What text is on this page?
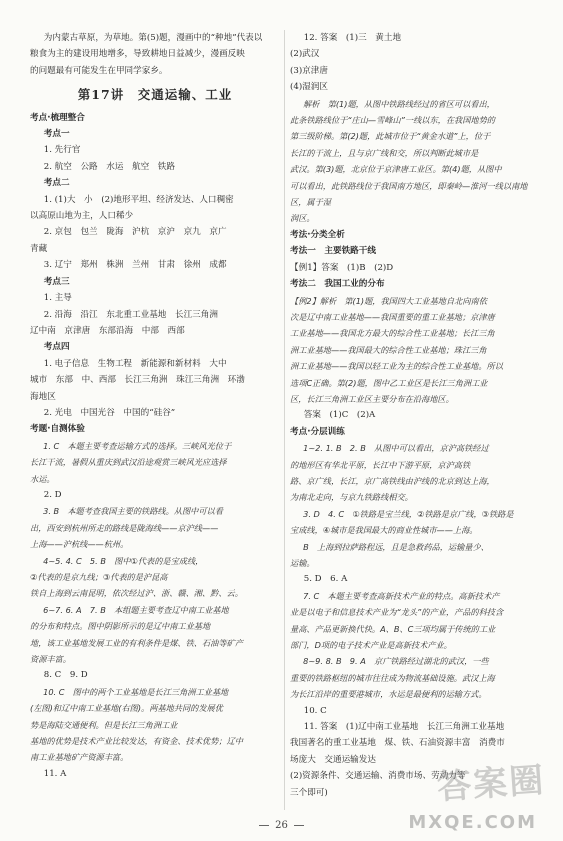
为内蒙古草原，为草地。第(5)题，漫画中的“种地”代表以

粮食为主的建设用地增多，导致耕地日益减少，漫画反映

的问题最有可能发生在甲同学家乡。

第17讲　交通运输、工业

考点·梳理整合

考点一

1. 先行官

2. 航空　公路　水运　航空　铁路

考点二

1. (1)大　小　(2)地形平坦、经济发达、人口稠密

以高原山地为主，人口稀少

2. 京包　包兰　陇海　沪杭　京沪　京九　京广

青藏

3. 辽宁　郑州　株洲　兰州　甘肃　徐州　成都

考点三

1. 主导

2. 沿海　沿江　东北重工业基地　长江三角洲

辽中南　京津唐　东部沿海　中部　西部

考点四

1. 电子信息　生物工程　新能源和新材料　大中

城市　东部　中、西部　长江三角洲　珠江三角洲　环渤

海地区

2. 光电　中国光谷　中国的“硅谷”

考题·自测体验

1. C　本题主要考查运输方式的选择。三峡风光位于

长江干流，暑假从重庆到武汉沿途观赏三峡风光应选择

水运。

2. D

3. B　本题考查我国主要的铁路线。从图中可以看

出，西安到杭州所走的路线是陇海线——京沪线——

上海——沪杭线——杭州。

4~5. 4. C　5. B　图中①代表的是宝成线，

②代表的是京九线；③代表的是沪昆高

铁自上海到云南昆明，依次经过沪、浙、赣、湘、黔、云。

6~7. 6. A　7. B　本组题主要考查辽中南工业基地

的分布和特点。图中阴影所示的是辽中南工业基地

地，该工业基地发展工业的有利条件是煤、铁、石油等矿产

资源丰富。

8. C　9. D

10. C　图中的两个工业基地是长江三角洲工业基地

(左图)和辽中南工业基地(右图)。两基地共同的发展优

势是海陆交通便利。但是长江三角洲工业

基地的优势是技术产业比较发达，有资金、技术优势；辽中

南工业基地矿产资源丰富。

11. A

12. 答案　(1)三　黄土地

(2)武汉

(3)京津唐

(4)湿润区

解析　第(1)题，从图中铁路线经过的省区可以看出，

此条铁路线位于“庄山—雪峰山”一线以东，在我国地势的

第三级阶梯。第(2)题，此城市位于“黄金水道”上，位于

长江的干流上，且与京广线和交，所以判断此城市是

武汉。第(3)题，北京位于京津唐工业区。第(4)题，从图中

可以看出，此铁路线位于我国南方地区，即秦岭—淮河一线以南地区，属于湿

润区。

考法·分类全析

考法一　主要铁路干线

【例1】答案　(1)B　(2)D

考法二　我国工业的分布

【例2】解析　第(1)题，我国四大工业基地自北向南依

次是辽中南工业基地——我国重要的重工业基地；京津唐

工业基地——我国北方最大的综合性工业基地；长江三角

洲工业基地——我国最大的综合性工业基地；珠江三角

洲工业基地——我国以轻工业为主的综合性工业基地。所以

选项C正确。第(2)题，图中乙工业区是长江三角洲工业

区，长江三角洲工业区主要分布在沿海地区。

答案　(1)C　(2)A

考点·分层训练

1~2. 1. B　2. B　从图中可以看出，京沪高铁经过

的地形区有华北平原，长江中下游平原，京沪高铁

路、京广线，长江，京广高铁线由沪线的北京到达上海，

为南北走向，与京九铁路线相交。

3. D　4. C　①铁路是宝兰线，②铁路是京广线，③铁路是

宝成线，④城市是我国最大的商业性城市——上海。

B　上海到拉萨路程远，且是急救药品，运输量少、

运输。

5. D　6. A

7. C　本题主要考查高新技术产业的特点。高新技术产

业是以电子和信息技术产业为“龙头”的产业，产品的科技含

量高、产品更新换代快。A、B、C三项均属于传统的工业

部门，D项的电子技术产业是高新技术产业。

8~9. 8. B　9. A　京广铁路经过湖北的武汉，一些

重要的铁路枢纽的城市往往成为物流基础设施。武汉上海

为长江沿岸的重要港城市，水运是最便利的运输方式。

10. C

11. 答案　(1)辽中南工业基地　长江三角洲工业基地

我国著名的重工业基地　煤、铁、石油资源丰富　消费市

场庞大　交通运输发达

(2)资源条件、交通运输、消费市场、劳动力等

三个即可)

26
答案圈
MXQE.COM
